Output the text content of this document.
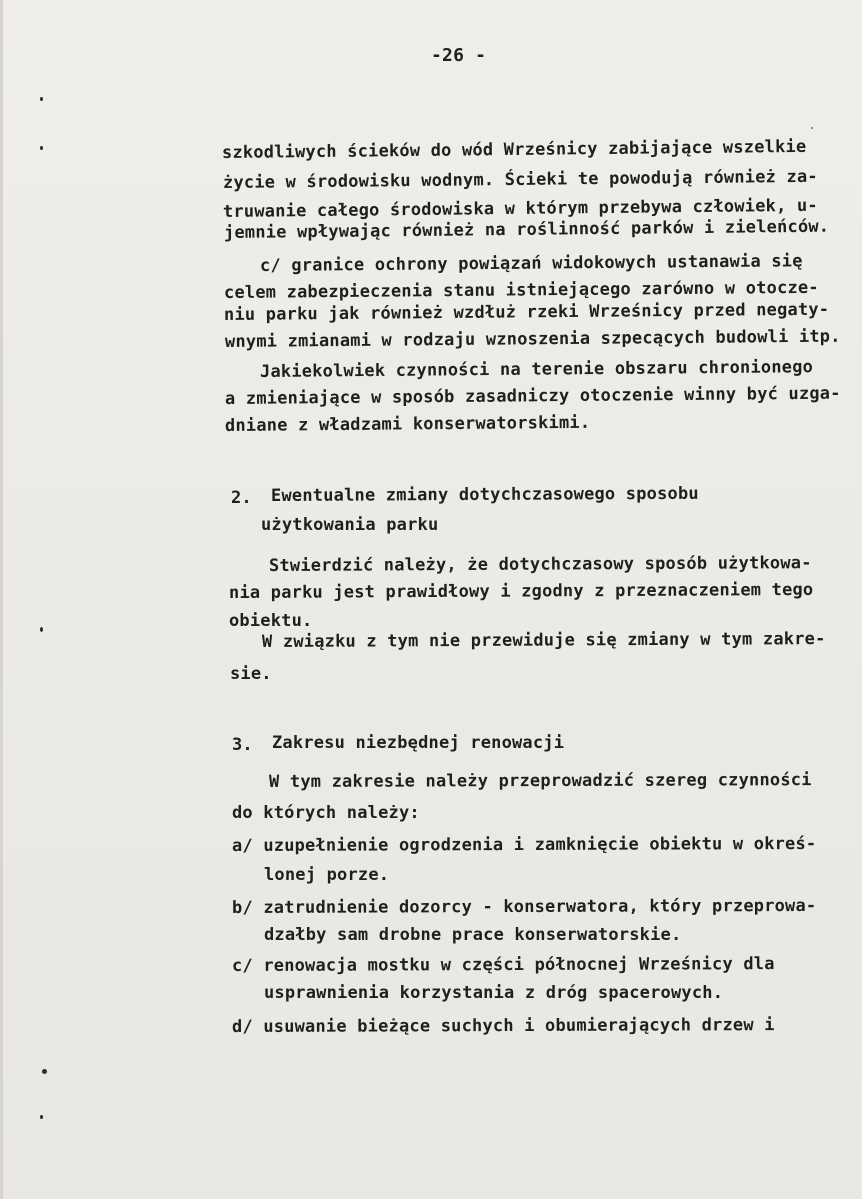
-26 -
szkodliwych ścieków do wód Wrześnicy zabijające wszelkie
życie w środowisku wodnym. Ścieki te powodują również za-
truwanie całego środowiska w którym przebywa człowiek, u-
jemnie wpływając również na roślinność parków i zieleńców.
c/ granice ochrony powiązań widokowych ustanawia się
celem zabezpieczenia stanu istniejącego zarówno w otocze-
niu parku jak również wzdłuż rzeki Wrześnicy przed negaty-
wnymi zmianami w rodzaju wznoszenia szpecących budowli itp.
Jakiekolwiek czynności na terenie obszaru chronionego
a zmieniające w sposób zasadniczy otoczenie winny być uzga-
dniane z władzami konserwatorskimi.
2. Ewentualne zmiany dotychczasowego sposobu
użytkowania parku
Stwierdzić należy, że dotychczasowy sposób użytkowa-
nia parku jest prawidłowy i zgodny z przeznaczeniem tego
obiektu.
W związku z tym nie przewiduje się zmiany w tym zakre-
sie.
3. Zakresu niezbędnej renowacji
W tym zakresie należy przeprowadzić szereg czynności
do których należy:
a/ uzupełnienie ogrodzenia i zamknięcie obiektu w okreś-
lonej porze.
b/ zatrudnienie dozorcy - konserwatora, który przeprowa-
dzałby sam drobne prace konserwatorskie.
c/ renowacja mostku w części północnej Wrześnicy dla
usprawnienia korzystania z dróg spacerowych.
d/ usuwanie bieżące suchych i obumierających drzew i
